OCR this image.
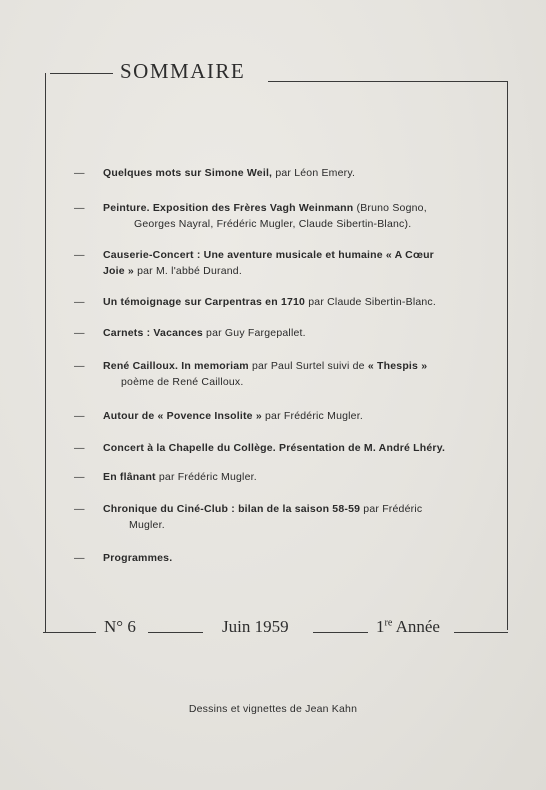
SOMMAIRE
—	Quelques mots sur Simone Weil, par Léon Emery.
—	Peinture. Exposition des Frères Vagh Weinmann (Bruno Sogno,
Georges Nayral, Frédéric Mugler, Claude Sibertin-Blanc).
—	Causerie-Concert : Une aventure musicale et humaine « A Cœur
Joie » par M. l'abbé Durand.
—	Un témoignage sur Carpentras en 1710 par Claude Sibertin-Blanc.
—	Carnets : Vacances par Guy Fargepallet.
—	René Cailloux. In memoriam par Paul Surtel suivi de « Thespis »
poème de René Cailloux.
—	Autour de « Povence Insolite » par Frédéric Mugler.
—	Concert à la Chapelle du Collège. Présentation de M. André Lhéry.
—	En flânant par Frédéric Mugler.
—	Chronique du Ciné-Club : bilan de la saison 58-59 par Frédéric
Mugler.
—	Programmes.
N° 6	Juin 1959	1re Année
Dessins et vignettes de Jean Kahn
